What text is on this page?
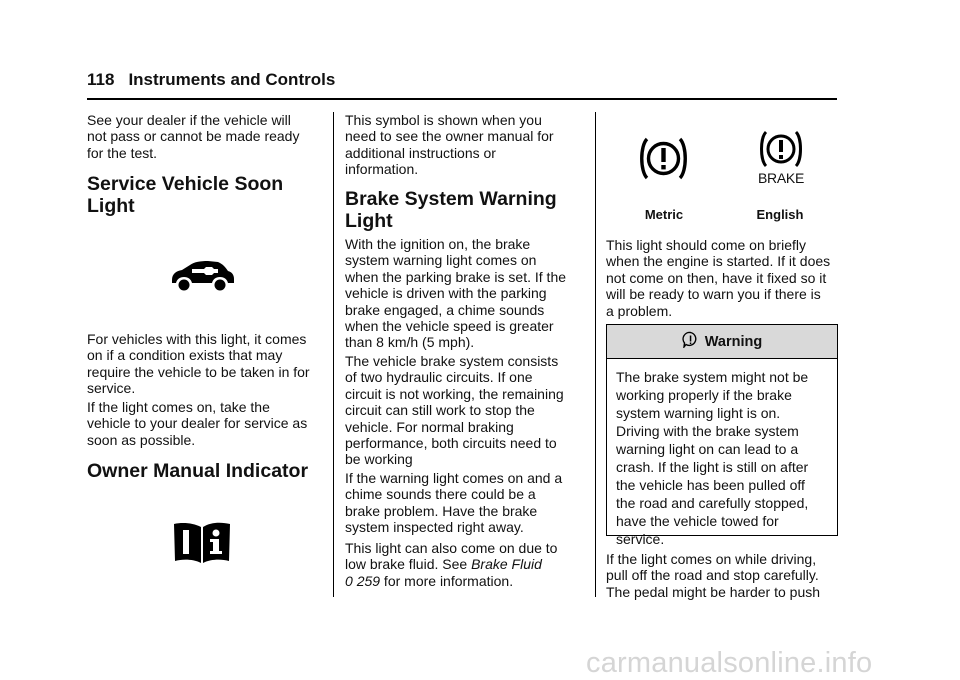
118 Instruments and Controls

See your dealer if the vehicle will

not pass or cannot be made ready

for the test.

Service Vehicle Soon

Light

For vehicles with this light, it comes

on if a condition exists that may

require the vehicle to be taken in for

service.

If the light comes on, take the

vehicle to your dealer for service as

soon as possible.

Owner Manual Indicator

This symbol is shown when you

need to see the owner manual for

additional instructions or

information.

Brake System Warning

Light

With the ignition on, the brake

system warning light comes on

when the parking brake is set. If the

vehicle is driven with the parking

brake engaged, a chime sounds

when the vehicle speed is greater

than 8 km/h (5 mph).

The vehicle brake system consists

of two hydraulic circuits. If one

circuit is not working, the remaining

circuit can still work to stop the

vehicle. For normal braking

performance, both circuits need to

be working

If the warning light comes on and a

chime sounds there could be a

brake problem. Have the brake

system inspected right away.

This light can also come on due to

low brake fluid. See Brake Fluid

0 259 for more information.

BRAKE
Metric	English

This light should come on briefly

when the engine is started. If it does

not come on then, have it fixed so it

will be ready to warn you if there is

a problem.

Warning
The brake system might not be
working properly if the brake
system warning light is on.
Driving with the brake system
warning light on can lead to a
crash. If the light is still on after
the vehicle has been pulled off
the road and carefully stopped,
have the vehicle towed for
service.

If the light comes on while driving,

pull off the road and stop carefully.

The pedal might be harder to push

carmanualsonline.info
